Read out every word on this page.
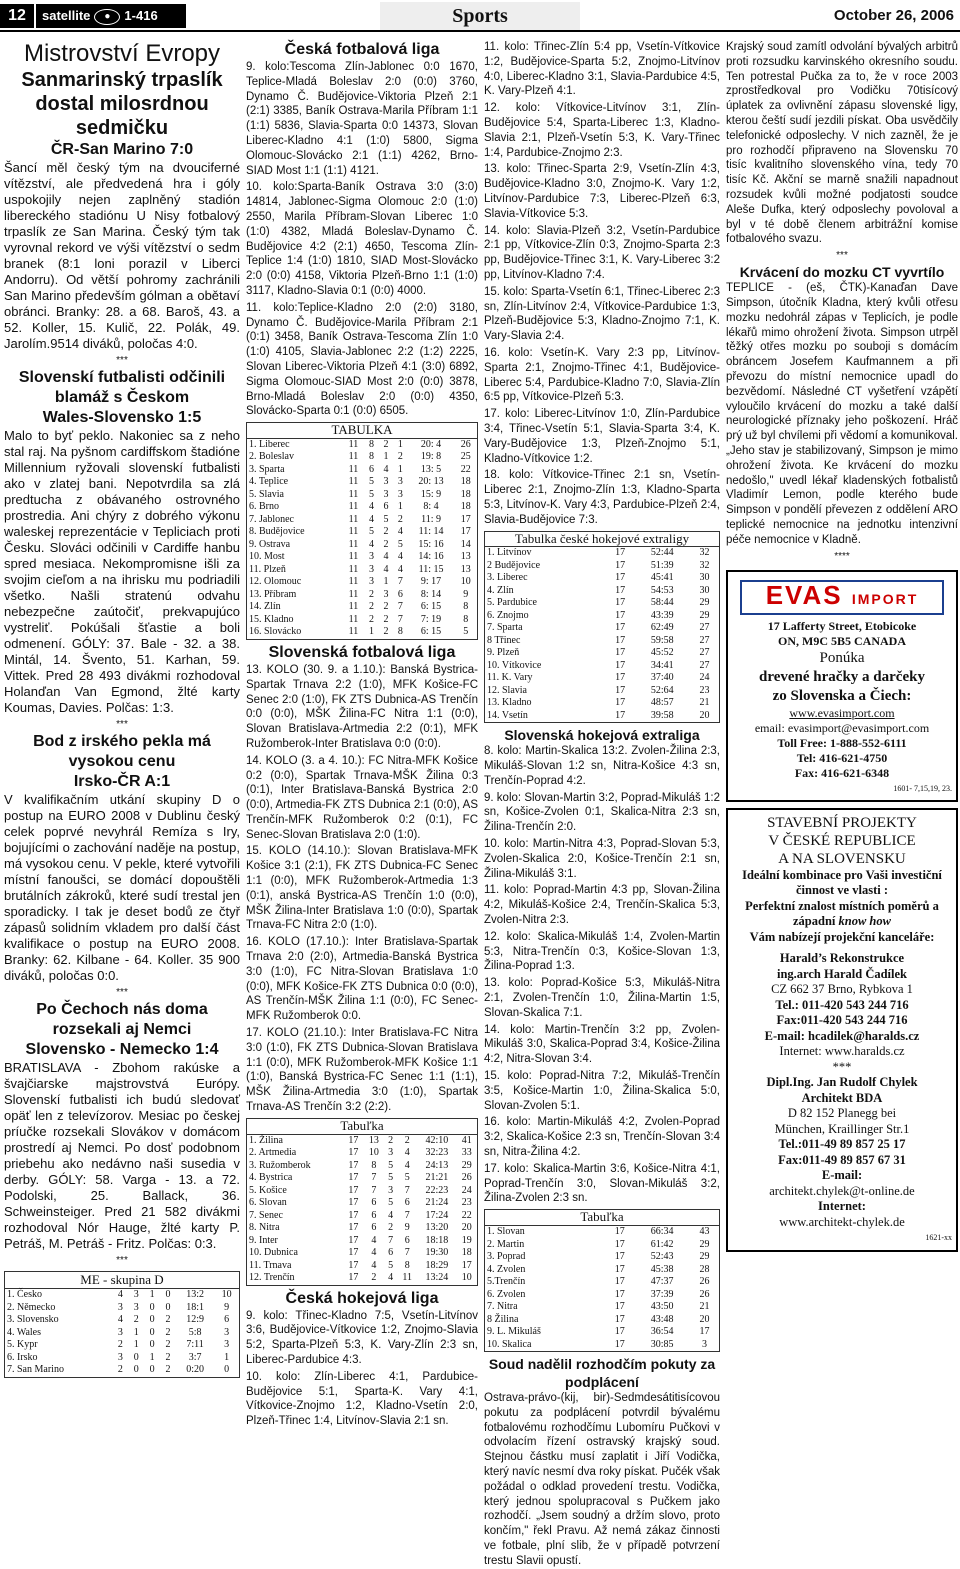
12	satellite ● 1-416	Sports	October 26, 2006
Mistrovství Evropy
Sanmarinský trpaslík dostal milosrdnou sedmičku
ČR-San Marino 7:0

Šancí měl český tým na dvouciferné vítězství, ale předvedená hra i góly uspokojily nejen zaplněný stadión libereckého stadiónu U Nisy fotbalový trpaslík ze San Marina. Český tým tak vyrovnal rekord ve výši vítězství o sedm branek (8:1 loni porazil v Liberci Andorru). Od větší pohromy zachránili San Marino především gólman a obětaví obránci. Branky: 28. a 68. Baroš, 43. a 52. Koller, 15. Kulič, 22. Polák, 49. Jarolím.9514 diváků, poločas 4:0.

***
Slovenskí futbalisti odčinili blamáž s Českom
Wales-Slovensko 1:5

Malo to byť peklo. Nakoniec sa z neho stal raj. Na pyšnom cardiffskom štadióne Millennium ryžovali slovenskí futbalisti ako v zlatej bani. Nepotvrdila sa zlá predtucha z obávaného ostrovného prostredia. Ani chýry z dobrého výkonu waleskej reprezentácie v Tepliciach proti Česku. Slováci odčinili v Cardiffe hanbu spred mesiaca. Nekompromisne išli za svojim cieľom a na ihrisku mu podriadili všetko. Našli stratenú odvahu nebezpečne zaútočiť, prekvapujúco vystreliť. Pokúšali šťastie a boli odmenení. GÓLY: 37. Bale - 32. a 38. Mintál, 14. Švento, 51. Karhan, 59. Vittek. Pred 28 493 divákmi rozhodoval Holanďan Van Egmond, žlté karty Koumas, Davies. Polčas: 1:3.

***
Bod z irského pekla má vysokou cenu
Irsko-ČR A:1

V kvalifikačním utkání skupiny D o postup na EURO 2008 v Dublinu český celek poprvé nevyhrál Remíza s Iry, bojujícími o zachování naděje na postup, má vysokou cenu. V pekle, které vytvořili místní fanoušci, se domácí dopouštěli brutálních zákroků, které sudí trestal jen sporadicky. I tak je deset bodů ze čtyř zápasů solidním vkladem pro další část kvalifikace o postup na EURO 2008. Branky: 62. Kilbane - 64. Koller. 35 900 diváků, poločas 0:0.

***
Po Čechoch nás doma rozsekali aj Nemci
Slovensko - Nemecko 1:4

BRATISLAVA - Zbohom rakúske a švajčiarske majstrovstvá Európy. Slovenskí futbalisti ich budú sledovať opäť len z televízorov. Mesiac po českej príučke rozsekali Slovákov v domácom prostredí aj Nemci. Po dosť podobnom priebehu ako nedávno naši susedia v derby. GÓLY: 58. Varga - 13. a 72. Podolski, 25. Ballack, 36. Schweinsteiger. Pred 21 582 divákmi rozhodoval Nór Hauge, žlté karty P. Petráš, M. Petráš - Fritz. Polčas: 0:3.

***
ME - skupina D
1. Česko	4	3	1	0	13:2	10
2. Německo	3	3	0	0	18:1	9
3. Slovensko	4	2	0	2	12:9	6
4. Wales	3	1	0	2	5:8	3
5. Kypr	2	1	0	2	7:11	3
6. Irsko	3	0	1	2	3:7	1
7. San Marino	2	0	0	2	0:20	0
Česká fotbalová liga

9. kolo:Tescoma Zlín-Jablonec 0:0 1670, Teplice-Mladá Boleslav 2:0 (0:0) 3760, Dynamo Č. Budějovice-Viktoria Plzeň 2:1 (2:1) 3385, Baník Ostrava-Marila Příbram 1:1 (1:1) 5836, Slavia-Sparta 0:0 14373, Slovan Liberec-Kladno 4:1 (1:0) 5800, Sigma Olomouc-Slovácko 2:1 (1:1) 4262, Brno-SIAD Most 1:1 (1:1) 4121.

10. kolo:Sparta-Baník Ostrava 3:0 (3:0) 14814, Jablonec-Sigma Olomouc 2:0 (1:0) 2550, Marila Příbram-Slovan Liberec 1:0 (1:0) 4382, Mladá Boleslav-Dynamo Č. Budějovice 4:2 (2:1) 4650, Tescoma Zlín-Teplice 1:4 (1:0) 1810, SIAD Most-Slovácko 2:0 (0:0) 4158, Viktoria Plzeň-Brno 1:1 (1:0) 3117, Kladno-Slavia 0:1 (0:0) 4000.

11. kolo:Teplice-Kladno 2:0 (2:0) 3180, Dynamo Č. Budějovice-Marila Příbram 2:1 (0:1) 3458, Baník Ostrava-Tescoma Zlín 1:0 (1:0) 4105, Slavia-Jablonec 2:2 (1:2) 2225, Slovan Liberec-Viktoria Plzeň 4:1 (3:0) 6892, Sigma Olomouc-SIAD Most 2:0 (0:0) 3878, Brno-Mladá Boleslav 2:0 (0:0) 4350, Slovácko-Sparta 0:1 (0:0) 6505.

TABULKA
1. Liberec	11	8	2	1	20: 4	26
2. Boleslav	11	8	1	2	19: 8	25
3. Sparta	11	6	4	1	13: 5	22
4. Teplice	11	5	3	3	20: 13	18
5. Slavia	11	5	3	3	15: 9	18
6. Brno	11	4	6	1	8: 4	18
7. Jablonec	11	4	5	2	11: 9	17
8. Budějovice	11	5	2	4	11: 14	17
9. Ostrava	11	4	2	5	15: 16	14
10. Most	11	3	4	4	14: 16	13
11. Plzeň	11	3	4	4	11: 15	13
12. Olomouc	11	3	1	7	9: 17	10
13. Příbram	11	2	3	6	8: 14	9
14. Zlín	11	2	2	7	6: 15	8
15. Kladno	11	2	2	7	7: 19	8
16. Slovácko	11	1	2	8	6: 15	5
Slovenská fotbalová liga

13. KOLO (30. 9. a 1.10.): Banská Bystrica-Spartak Trnava 2:2 (1:0), MFK Košice-FC Senec 2:0 (1:0), FK ZTS Dubnica-AS Trenčín 0:0 (0:0), MŠK Žilina-FC Nitra 1:1 (0:0), Slovan Bratislava-Artmedia 2:2 (0:1), MFK Ružomberok-Inter Bratislava 0:0 (0:0).

14. KOLO (3. a 4. 10.): FC Nitra-MFK Košice 0:2 (0:0), Spartak Trnava-MŠK Žilina 0:3 (0:1), Inter Bratislava-Banská Bystrica 2:0 (0:0), Artmedia-FK ZTS Dubnica 2:1 (0:0), AS Trenčín-MFK Ružomberok 0:2 (0:1), FC Senec-Slovan Bratislava 2:0 (1:0).

15. KOLO (14.10.): Slovan Bratislava-MFK Košice 3:1 (2:1), FK ZTS Dubnica-FC Senec 1:1 (0:0), MFK Ružomberok-Artmedia 1:3 (0:1), anská Bystrica-AS Trenčín 1:0 (0:0), MŠK Žilina-Inter Bratislava 1:0 (0:0), Spartak Trnava-FC Nitra 2:0 (1:0).

16. KOLO (17.10.): Inter Bratislava-Spartak Trnava 2:0 (2:0), Artmedia-Banská Bystrica 3:0 (1:0), FC Nitra-Slovan Bratislava 1:0 (0:0), MFK Košice-FK ZTS Dubnica 0:0 (0:0), AS Trenčín-MŠK Žilina 1:1 (0:0), FC Senec-MFK Ružomberok 0:0.

17. KOLO (21.10.): Inter Bratislava-FC Nitra 3:0 (1:0), FK ZTS Dubnica-Slovan Bratislava 1:1 (0:0), MFK Ružomberok-MFK Košice 1:1 (1:0), Banská Bystrica-FC Senec 1:1 (1:1), MŠK Žilina-Artmedia 3:0 (1:0), Spartak Trnava-AS Trenčín 3:2 (2:2).

Tabuľka
1. Žilina	17	13	2	2	42:10	41
2. Artmedia	17	10	3	4	32:23	33
3. Ružomberok	17	8	5	4	24:13	29
4. Bystrica	17	7	5	5	21:21	26
5. Košice	17	7	3	7	22:23	24
6. Slovan	17	6	5	6	21:24	23
7. Senec	17	6	4	7	17:24	22
8. Nitra	17	6	2	9	13:20	20
9. Inter	17	4	7	6	18:18	19
10. Dubnica	17	4	6	7	19:30	18
11. Trnava	17	4	5	8	18:29	17
12. Trenčín	17	2	4	11	13:24	10
Česká hokejová liga

9. kolo: Třinec-Kladno 7:5, Vsetín-Litvínov 3:6, Budějovice-Vítkovice 1:2, Znojmo-Slavia 5:2, Sparta-Plzeň 5:3, K. Vary-Zlín 2:3 sn, Liberec-Pardubice 4:3.

10. kolo: Zlín-Liberec 4:1, Pardubice-Budějovice 5:1, Sparta-K. Vary 4:1, Vítkovice-Znojmo 1:2, Kladno-Vsetín 2:0, Plzeň-Třinec 1:4, Litvínov-Slavia 2:1 sn.

11. kolo: Třinec-Zlín 5:4 pp, Vsetín-Vítkovice 1:2, Budějovice-Sparta 5:2, Znojmo-Litvínov 4:0, Liberec-Kladno 3:1, Slavia-Pardubice 4:5, K. Vary-Plzeň 4:1.

12. kolo: Vítkovice-Litvínov 3:1, Zlín-Budějovice 5:4, Sparta-Liberec 1:3, Kladno-Slavia 2:1, Plzeň-Vsetín 5:3, K. Vary-Třinec 1:4, Pardubice-Znojmo 2:3.

13. kolo: Třinec-Sparta 2:9, Vsetín-Zlín 4:3, Budějovice-Kladno 3:0, Znojmo-K. Vary 1:2, Litvínov-Pardubice 7:3, Liberec-Plzeň 6:3, Slavia-Vítkovice 5:3.

14. kolo: Slavia-Plzeň 3:2, Vsetín-Pardubice 2:1 pp, Vítkovice-Zlín 0:3, Znojmo-Sparta 2:3 pp, Budějovice-Třinec 3:1, K. Vary-Liberec 3:2 pp, Litvínov-Kladno 7:4.

15. kolo: Sparta-Vsetín 6:1, Třinec-Liberec 2:3 sn, Zlín-Litvínov 2:4, Vítkovice-Pardubice 1:3, Plzeň-Budějovice 5:3, Kladno-Znojmo 7:1, K. Vary-Slavia 2:4.

16. kolo: Vsetín-K. Vary 2:3 pp, Litvínov-Sparta 2:1, Znojmo-Třinec 4:1, Budějovice-Liberec 5:4, Pardubice-Kladno 7:0, Slavia-Zlín 6:5 pp, Vítkovice-Plzeň 5:3.

17. kolo: Liberec-Litvínov 1:0, Zlín-Pardubice 3:4, Třinec-Vsetín 5:1, Slavia-Sparta 3:4, K. Vary-Budějovice 1:3, Plzeň-Znojmo 5:1, Kladno-Vítkovice 1:2.

18. kolo: Vítkovice-Třinec 2:1 sn, Vsetín-Liberec 2:1, Znojmo-Zlín 1:3, Kladno-Sparta 5:3, Litvínov-K. Vary 4:3, Pardubice-Plzeň 2:4, Slavia-Budějovice 7:3.

Tabulka české hokejové extraligy
1. Litvínov	17	52:44	32
2 Budějovice	17	51:39	32
3. Liberec	17	45:41	30
4. Zlín	17	54:53	30
5. Pardubice	17	58:44	29
6. Znojmo	17	43:39	29
7. Sparta	17	62:49	27
8 Třinec	17	59:58	27
9. Plzeň	17	45:52	27
10. Vítkovice	17	34:41	27
11. K. Vary	17	37:40	24
12. Slavia	17	52:64	23
13. Kladno	17	48:57	21
14. Vsetín	17	39:58	20
Slovenská hokejová extraliga

8. kolo: Martin-Skalica 13:2. Zvolen-Žilina 2:3, Mikuláš-Slovan 1:2 sn, Nitra-Košice 4:3 sn, Trenčín-Poprad 4:2.

9. kolo: Slovan-Martin 3:2, Poprad-Mikuláš 1:2 sn, Košice-Zvolen 0:1, Skalica-Nitra 2:3 sn, Žilina-Trenčín 2:0.

10. kolo: Martin-Nitra 4:3, Poprad-Slovan 5:3, Zvolen-Skalica 2:0, Košice-Trenčín 2:1 sn, Žilina-Mikuláš 3:1.

11. kolo: Poprad-Martin 4:3 pp, Slovan-Žilina 4:2, Mikuláš-Košice 2:4, Trenčín-Skalica 5:3, Zvolen-Nitra 2:3.

12. kolo: Skalica-Mikuláš 1:4, Zvolen-Martin 5:3, Nitra-Trenčín 0:3, Košice-Slovan 1:3, Žilina-Poprad 1:3.

13. kolo: Poprad-Košice 5:3, Mikuláš-Nitra 2:1, Zvolen-Trenčín 1:0, Žilina-Martin 1:5, Slovan-Skalica 7:1.

14. kolo: Martin-Trenčín 3:2 pp, Zvolen-Mikuláš 3:0, Skalica-Poprad 3:4, Košice-Žilina 4:2, Nitra-Slovan 3:4.

15. kolo: Poprad-Nitra 7:2, Mikuláš-Trenčín 3:5, Košice-Martin 1:0, Žilina-Skalica 5:0, Slovan-Zvolen 5:1.

16. kolo: Martin-Mikuláš 4:2, Zvolen-Poprad 3:2, Skalica-Košice 2:3 sn, Trenčín-Slovan 3:4 sn, Nitra-Žilina 4:2.

17. kolo: Skalica-Martin 3:6, Košice-Nitra 4:1, Poprad-Trenčín 3:0, Slovan-Mikuláš 3:2, Žilina-Zvolen 2:3 sn.

Tabuľka
1. Slovan	17	66:34	43
2. Martin	17	61:42	29
3. Poprad	17	52:43	29
4. Zvolen	17	45:38	28
5.Trenčín	17	47:37	26
6. Zvolen	17	37:39	26
7. Nitra	17	43:50	21
8 Žilina	17	43:48	20
9. L. Mikuláš	17	36:54	17
10. Skalica	17	30:85	3
Soud nadělil rozhodčím pokuty za podplácení

Ostrava-právo-(kij, bir)-Sedmdesátitisícovou pokutu za podplácení potvrdil bývalému fotbalovému rozhodčímu Lubomíru Pučkovi v odvolacím řízení ostravský krajský soud. Stejnou částku musí zaplatit i Jiří Vodička, který navíc nesmí dva roky pískat. Pučék však požádal o odklad provedení trestu. Vodička, který jednou spolupracoval s Pučkem jako rozhodčí. „Jsem soudný a držím slovo, proto končím," řekl Pravu. Až nemá zákaz činnosti ve fotbale, plní slib, že v případě potvrzení trestu Slavii opustí.

Krajský soud zamítl odvolání bývalých arbitrů proti rozsudku karvinského okresního soudu. Ten potrestal Pučka za to, že v roce 2003 zprostředkoval pro Vodičku 70tisícový úplatek za ovlivnění zápasu slovenské ligy, kterou čeští sudí jezdili pískat. Oba usvědčily telefonické odposlechy. V nich zazněl, že je pro rozhodčí připraveno na Slovensku 70 tisíc kvalitního slovenského vína, tedy 70 tisíc Kč. Akční se marně snažili napadnout rozsudek kvůli možné podjatosti soudce Aleše Dufka, který odposlechy povoloval a byl v té době členem arbitrážní komise fotbalového svazu.

***
Krvácení do mozku CT vyvrtílo

TEPLICE - (eš, ČTK)-Kanaďan Dave Simpson, útočník Kladna, který kvůli otřesu mozku nedohrál zápas v Teplicích, je podle lékařů mimo ohrožení života. Simpson utrpěl těžký otřes mozku po souboji s domácím obráncem Josefem Kaufmannem a při převozu do místní nemocnice upadl do bezvědomí. Následné CT vyšetření vzápětí vyloučilo krvácení do mozku a také další neurologické příznaky jeho poškození. Hráč prý už byl chvílemi při vědomí a komunikoval. „Jeho stav je stabilizovaný, Simpson je mimo ohrožení života. Ke krvácení do mozku nedošlo," uvedl lékař kladenských fotbalistů Vladimír Lemon, podle kterého bude Simpson v pondělí převezen z oddělení ARO teplické nemocnice na jednotku intenzivní péče nemocnice v Kladně.

****
EVAS IMPORT
17 Lafferty Street, Etobicoke
ON, M9C 5B5 CANADA
Ponúka
drevené hračky a darčeky
zo Slovenska a Čiech:
www.evasimport.com
email: evasimport@evasimport.com
Toll Free: 1-888-552-6111
Tel: 416-621-4750
Fax: 416-621-6348
1601- 7,15,19, 23.
STAVEBNÍ PROJEKTY
V ČESKÉ REPUBLICE
A NA SLOVENSKU
Ideální kombinace pro Vaši investiční činnost ve vlasti :
Perfektní znalost místních poměrů a západní know how
Vám nabízejí projekční kanceláře:
Harald’s Rekonstrukce
ing.arch Harald Čadílek
CZ 662 37 Brno, Rybkova 1
Tel.: 011-420 543 244 716
Fax:011-420 543 244 716
E-mail: hcadilek@haralds.cz
Internet: www.haralds.cz
***
Dipl.Ing. Jan Rudolf Chylek
Architekt BDA
D 82 152 Planegg bei
München, Kraillinger Str.1
Tel.:011-49 89 857 25 17
Fax:011-49 89 857 67 31
E-mail:
architekt.chylek@t-online.de
Internet:
www.architekt-chylek.de
1621-xx
